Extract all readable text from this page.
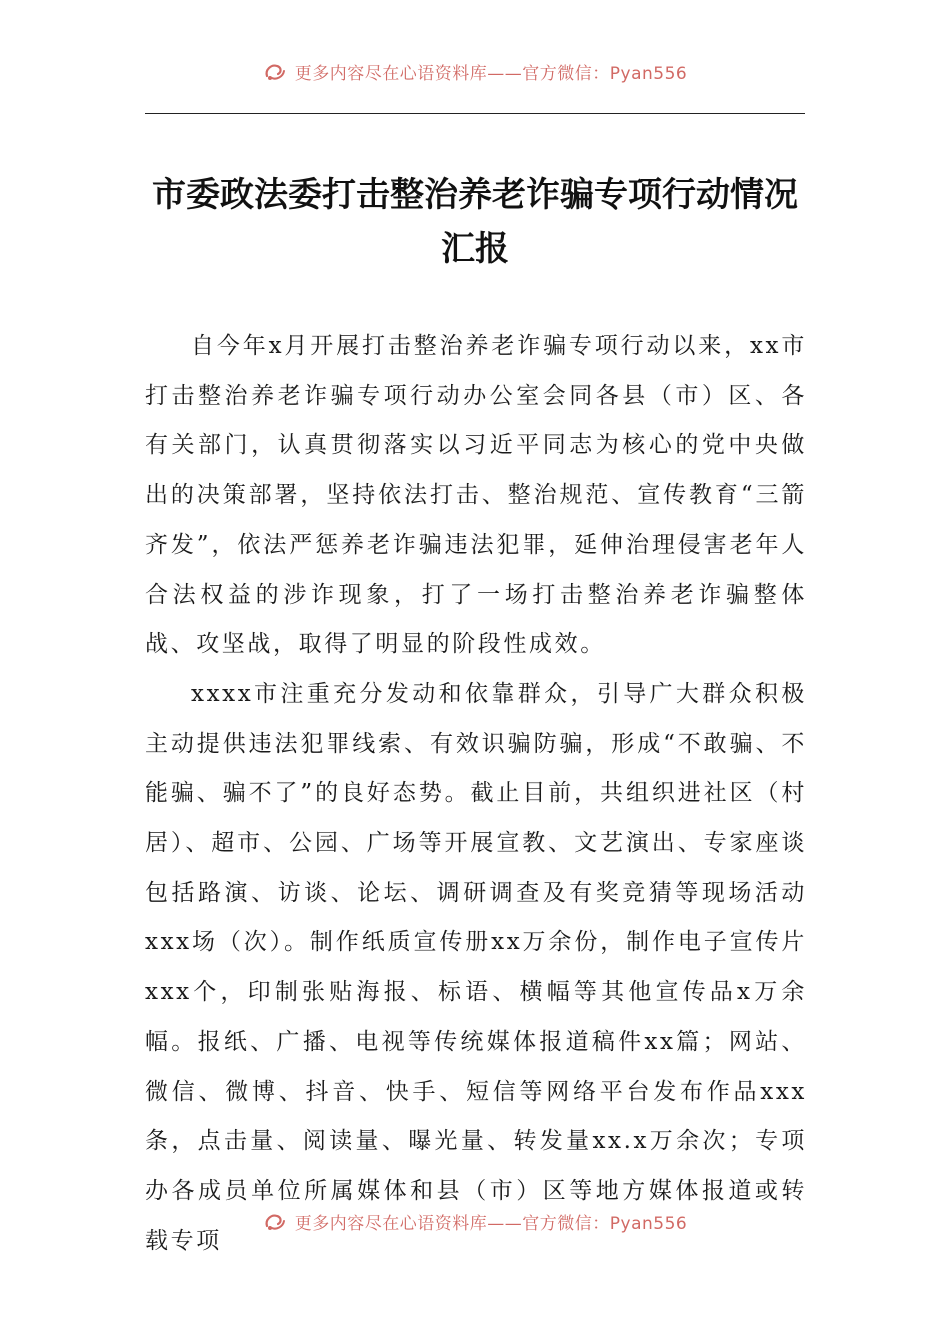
更多内容尽在心语资料库——官方微信：Pyan556
市委政法委打击整治养老诈骗专项行动情况汇报

自今年x月开展打击整治养老诈骗专项行动以来，xx市打击整治养老诈骗专项行动办公室会同各县（市）区、各有关部门，认真贯彻落实以习近平同志为核心的党中央做出的决策部署，坚持依法打击、整治规范、宣传教育“三箭齐发”，依法严惩养老诈骗违法犯罪，延伸治理侵害老年人合法权益的涉诈现象，打了一场打击整治养老诈骗整体战、攻坚战，取得了明显的阶段性成效。

xxxx市注重充分发动和依靠群众，引导广大群众积极主动提供违法犯罪线索、有效识骗防骗，形成“不敢骗、不能骗、骗不了”的良好态势。截止目前，共组织进社区（村居）、超市、公园、广场等开展宣教、文艺演出、专家座谈包括路演、访谈、论坛、调研调查及有奖竞猜等现场活动xxx场（次）。制作纸质宣传册xx万余份，制作电子宣传片xxx个，印制张贴海报、标语、横幅等其他宣传品x万余幅。报纸、广播、电视等传统媒体报道稿件xx篇；网站、微信、微博、抖音、快手、短信等网络平台发布作品xxx条，点击量、阅读量、曝光量、转发量xx.x万余次；专项办各成员单位所属媒体和县（市）区等地方媒体报道或转载专项

更多内容尽在心语资料库——官方微信：Pyan556
